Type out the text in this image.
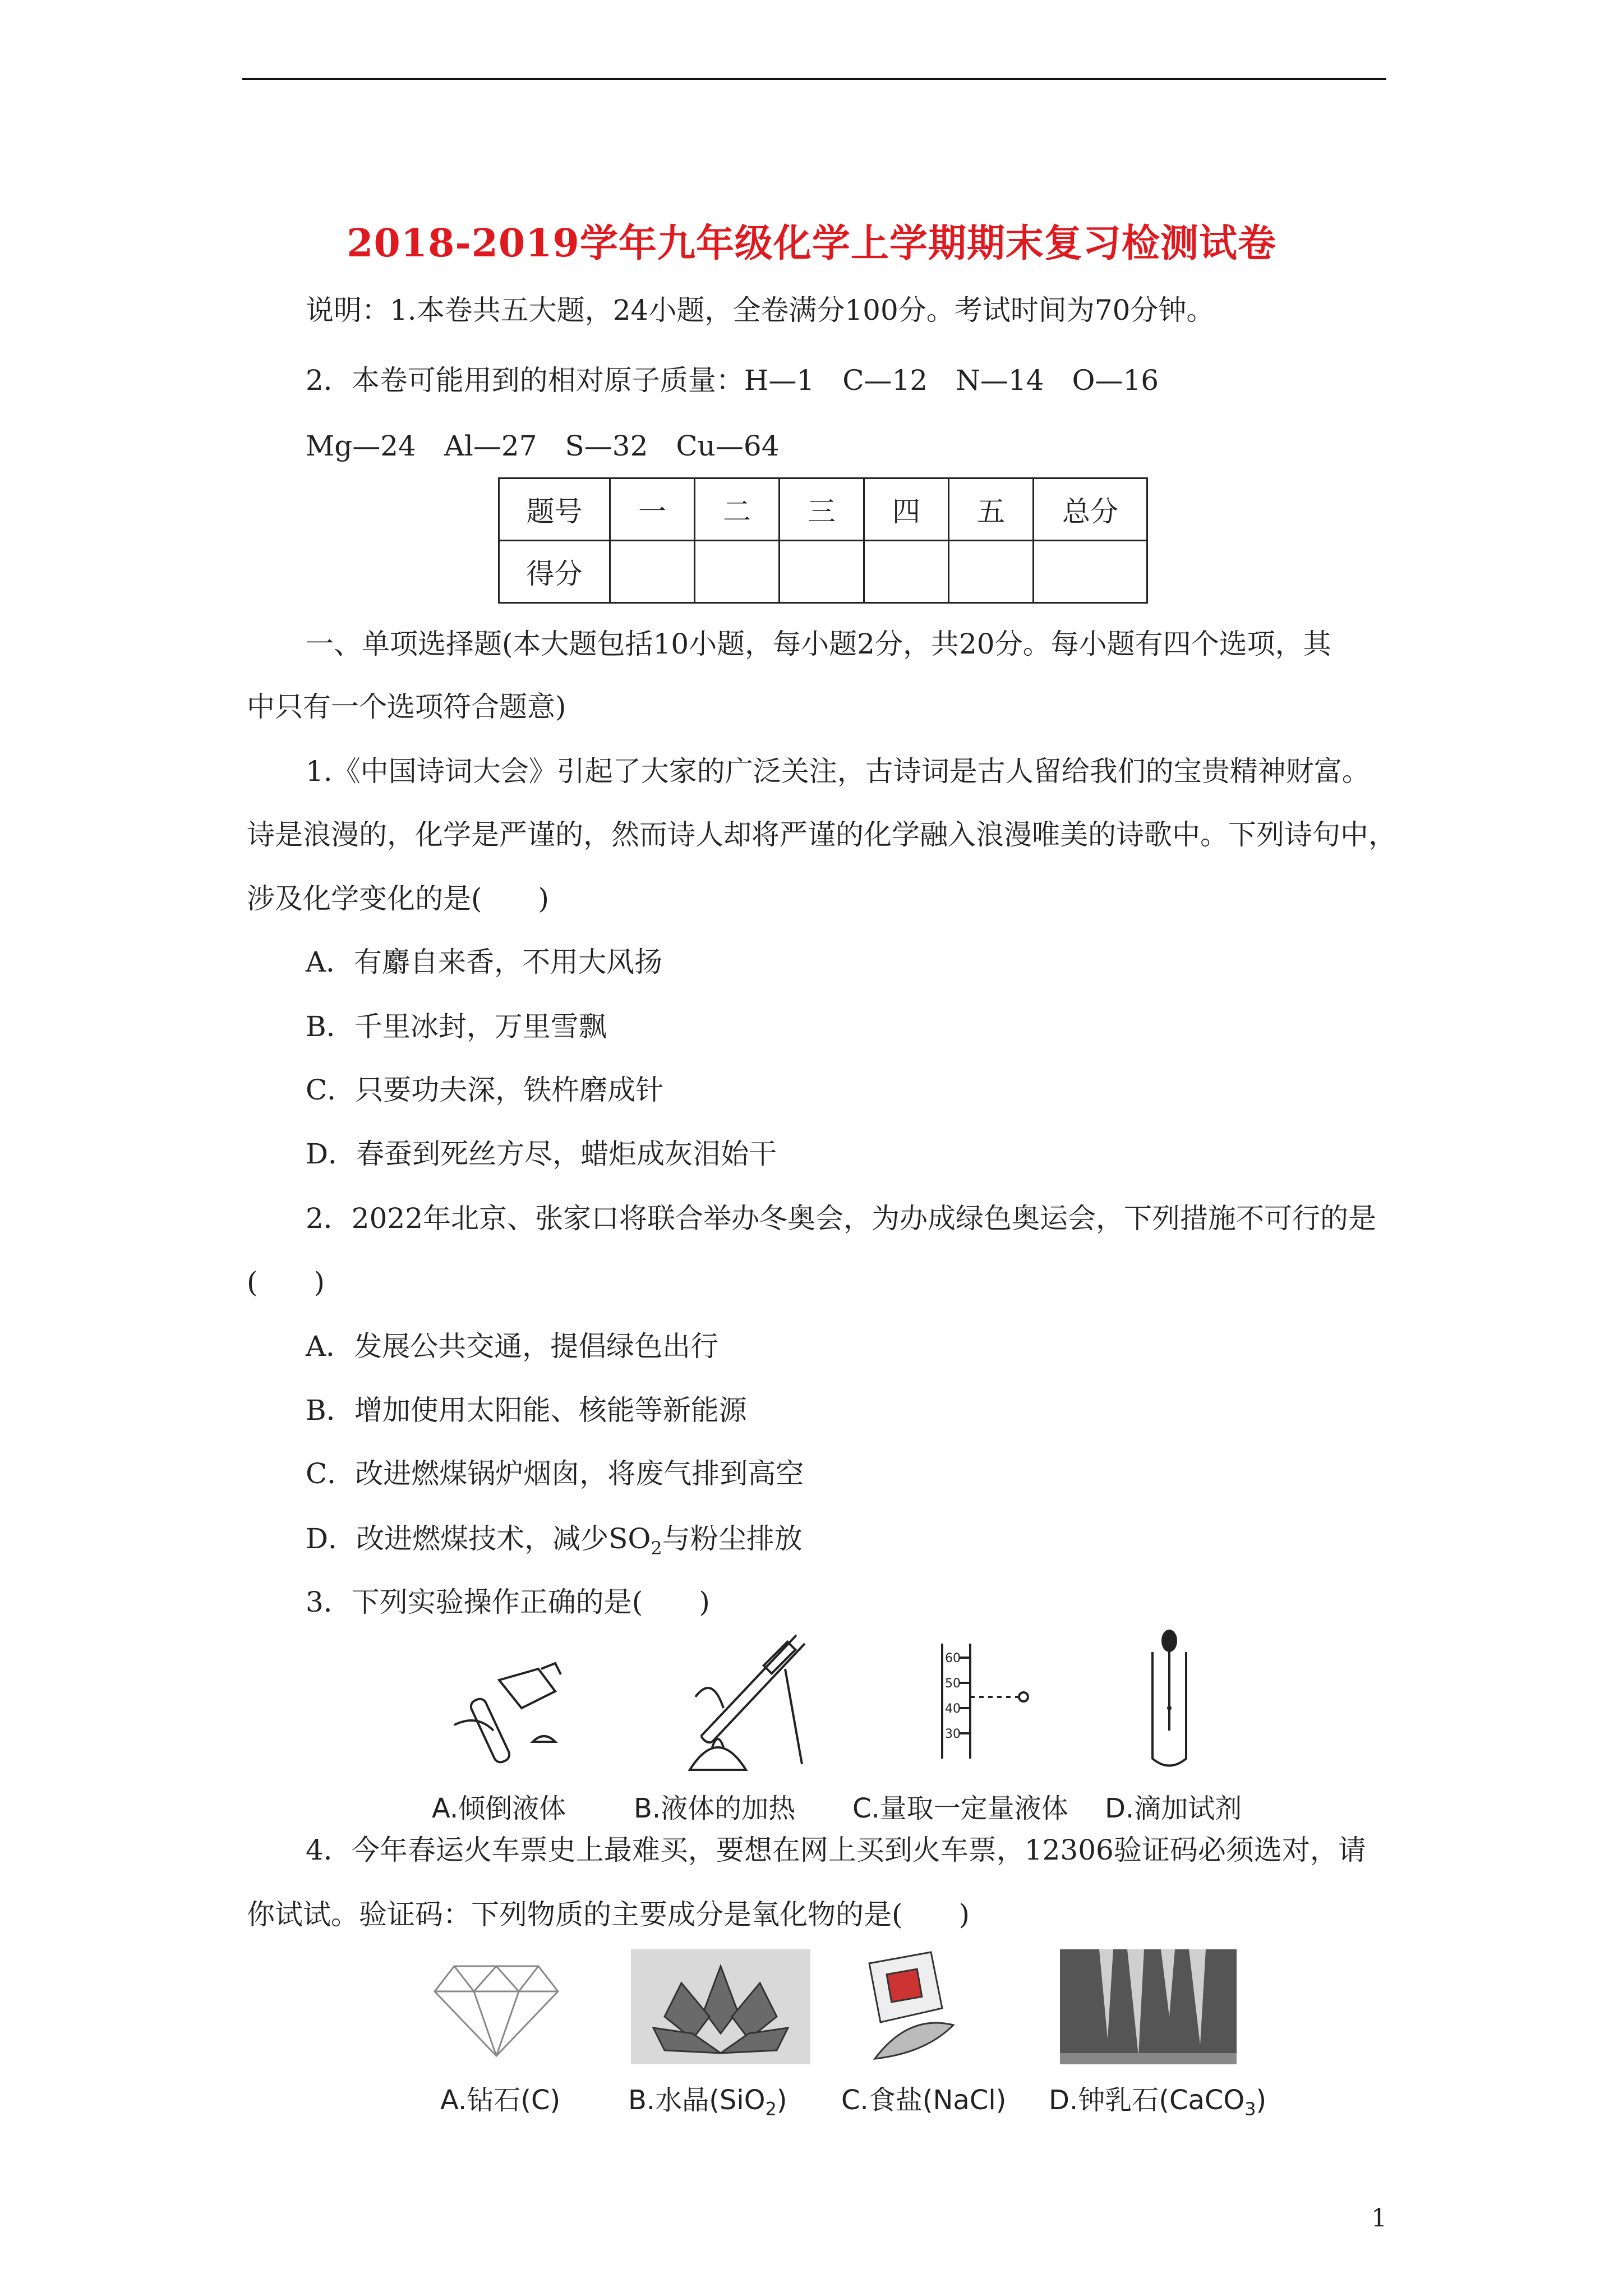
2018-2019学年九年级化学上学期期末复习检测试卷
说明：1.本卷共五大题，24小题，全卷满分100分。考试时间为70分钟。
2．本卷可能用到的相对原子质量：H—1　C—12　N—14　O—16
Mg—24　Al—27　S—32　Cu—64
题号	一	二	三	四	五	总分
得分						
一、单项选择题(本大题包括10小题，每小题2分，共20分。每小题有四个选项，其
中只有一个选项符合题意)
1.《中国诗词大会》引起了大家的广泛关注，古诗词是古人留给我们的宝贵精神财富。
诗是浪漫的，化学是严谨的，然而诗人却将严谨的化学融入浪漫唯美的诗歌中。下列诗句中，
涉及化学变化的是(　　)
A．有麝自来香，不用大风扬
B．千里冰封，万里雪飘
C．只要功夫深，铁杵磨成针
D．春蚕到死丝方尽，蜡炬成灰泪始干
2．2022年北京、张家口将联合举办冬奥会，为办成绿色奥运会，下列措施不可行的是
(　　)
A．发展公共交通，提倡绿色出行
B．增加使用太阳能、核能等新能源
C．改进燃煤锅炉烟囱，将废气排到高空
D．改进燃煤技术，减少$SO_2$与粉尘排放
3．下列实验操作正确的是(　　)
60
50
40
30
A.倾倒液体	B.液体的加热 C.量取一定量液体 D.滴加试剂
4．今年春运火车票史上最难买，要想在网上买到火车票，12306验证码必须选对，请
你试试。验证码：下列物质的主要成分是氧化物的是(　　)
A.钻石(C)	B.水晶(SiO$_2$) C.食盐(NaCl) D.钟乳石(CaCO$_3$)
1
